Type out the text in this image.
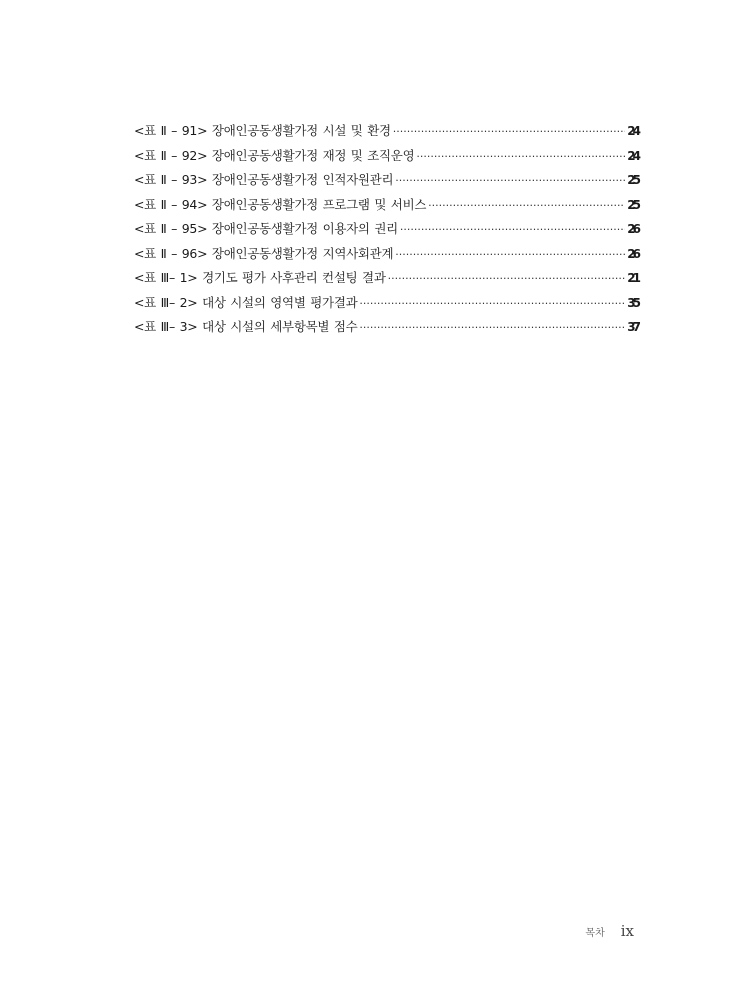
<표 Ⅱ – 91> 장애인공동생활가정 시설 및 환경 ·····	24
<표 Ⅱ – 92> 장애인공동생활가정 재정 및 조직운영 ·····	24
<표 Ⅱ – 93> 장애인공동생활가정 인적자원관리 ·····	25
<표 Ⅱ – 94> 장애인공동생활가정 프로그램 및 서비스 ·····	25
<표 Ⅱ – 95> 장애인공동생활가정 이용자의 권리 ·····	26
<표 Ⅱ – 96> 장애인공동생활가정 지역사회관계 ·····	26
<표 Ⅲ– 1> 경기도 평가 사후관리 컨설팅 결과 ·····	21
<표 Ⅲ– 2> 대상 시설의 영역별 평가결과 ·····	35
<표 Ⅲ– 3> 대상 시설의 세부항목별 점수 ·····	37
목차 ix
